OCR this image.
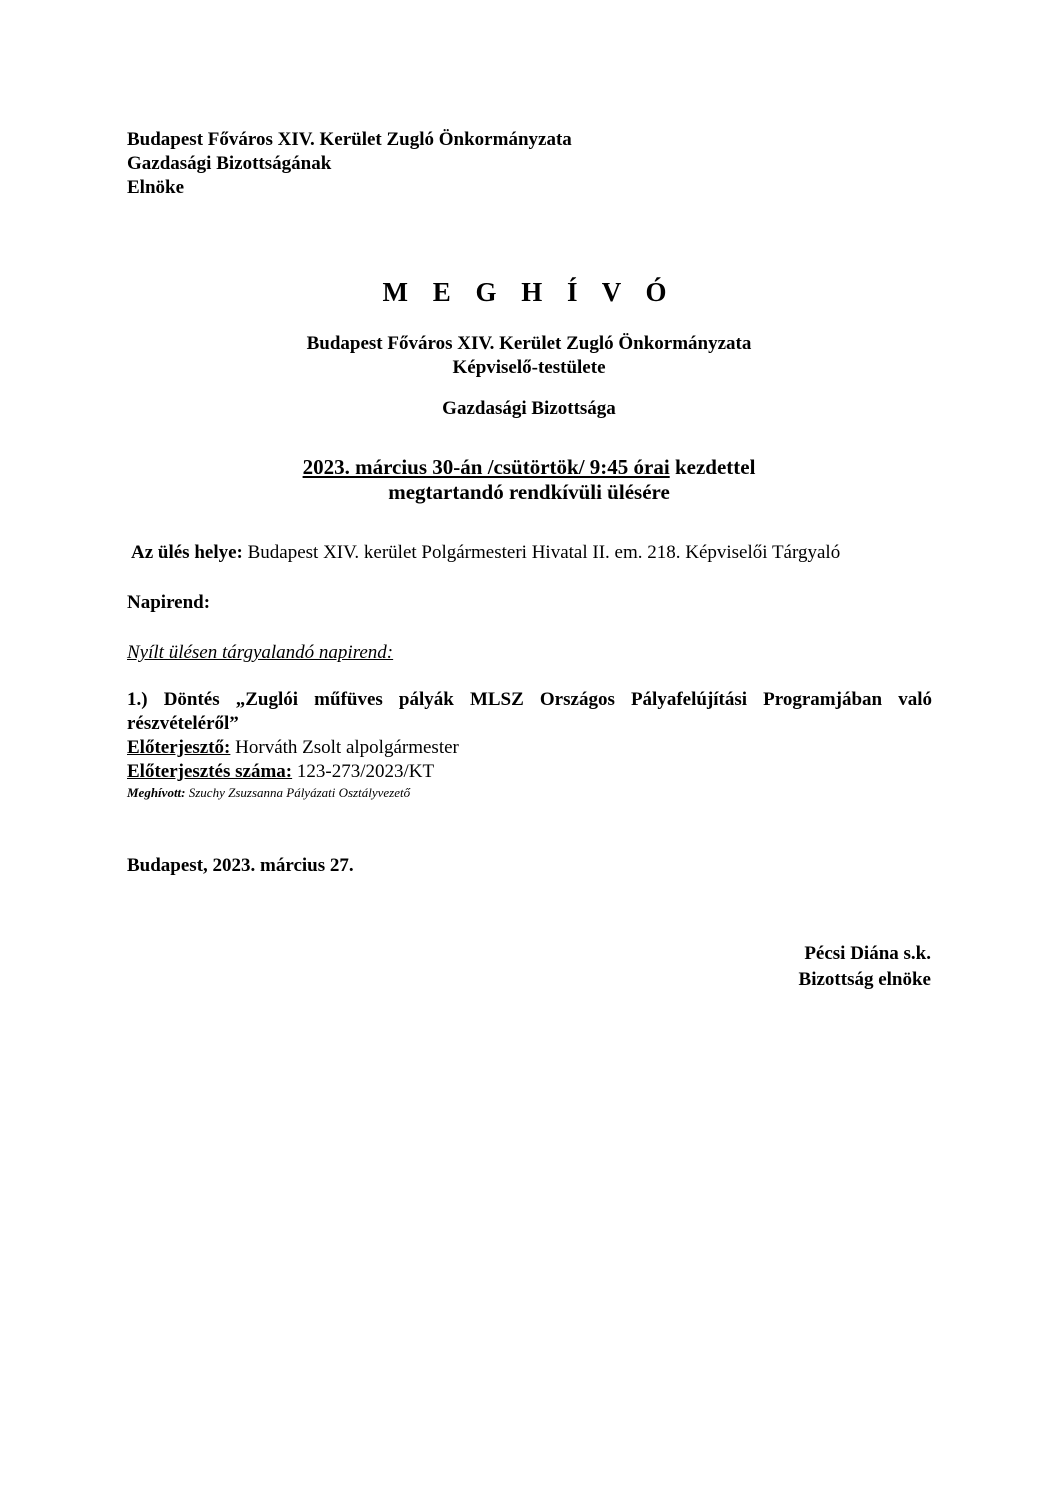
Budapest Főváros XIV. Kerület Zugló Önkormányzata
Gazdasági Bizottságának
Elnöke
M E G H Í V Ó
Budapest Főváros XIV. Kerület Zugló Önkormányzata
Képviselő-testülete
Gazdasági Bizottsága
2023. március 30-án /csütörtök/ 9:45 órai kezdettel
megtartandó rendkívüli ülésére
Az ülés helye: Budapest XIV. kerület Polgármesteri Hivatal II. em. 218. Képviselői Tárgyaló
Napirend:
Nyílt ülésen tárgyalandó napirend:
1.) Döntés „Zuglói műfüves pályák MLSZ Országos Pályafelújítási Programjában való
részvételéről”
Előterjesztő: Horváth Zsolt alpolgármester
Előterjesztés száma: 123-273/2023/KT
Meghívott: Szuchy Zsuzsanna Pályázati Osztályvezető
Budapest, 2023. március 27.
Pécsi Diána s.k.
Bizottság elnöke
